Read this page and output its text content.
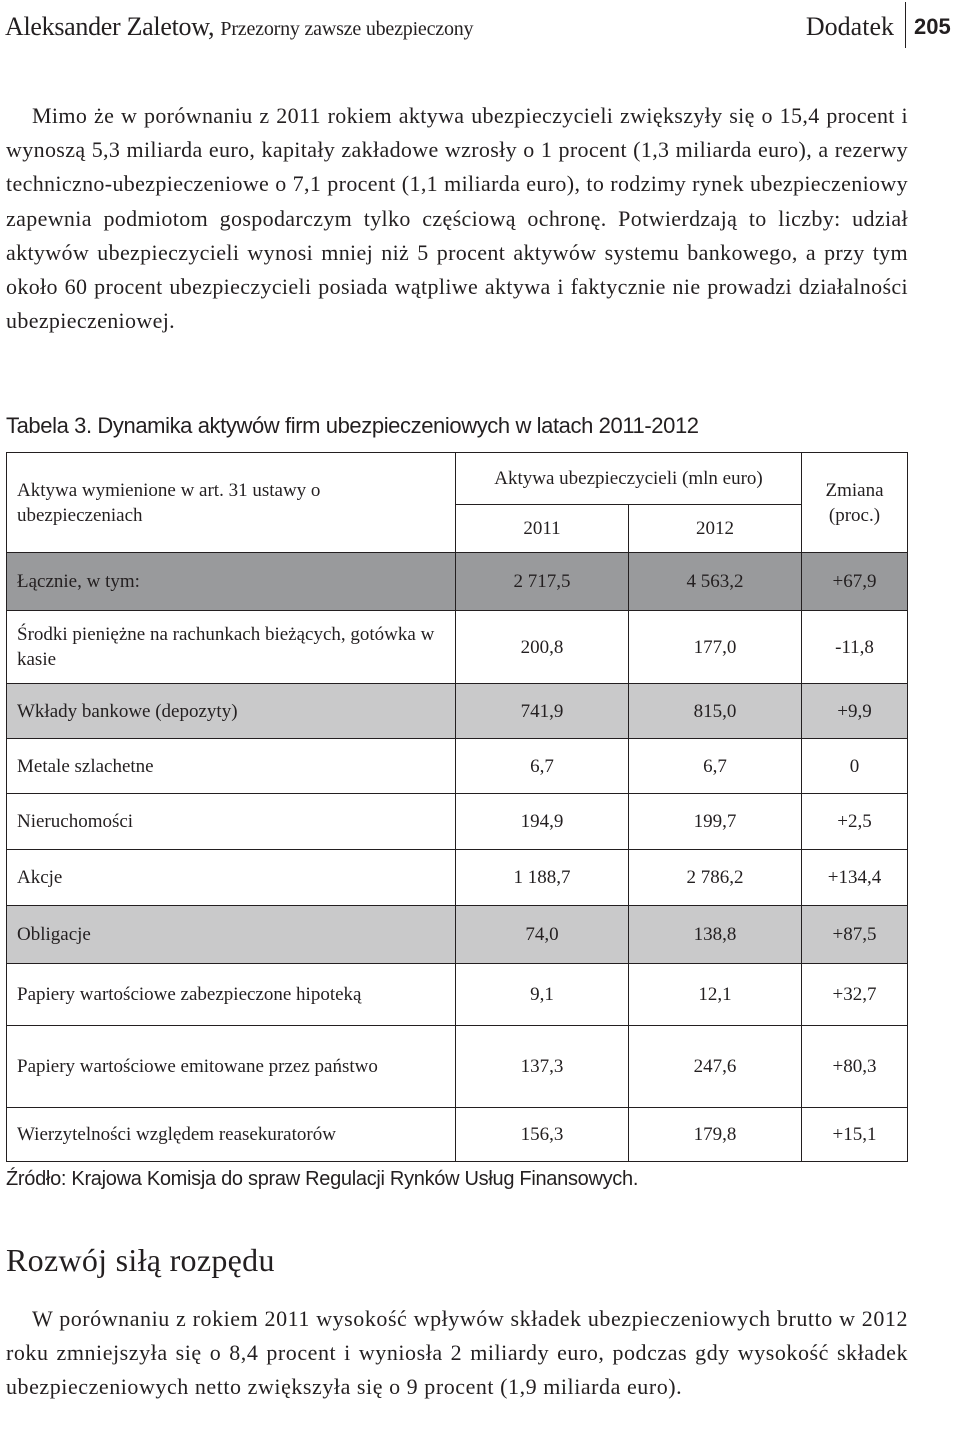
Aleksander Zaletow, Przezorny zawsze ubezpieczony	Dodatek 205

Mimo że w porównaniu z 2011 rokiem aktywa ubezpieczycieli zwiększyły się o 15,4 procent i wynoszą 5,3 miliarda euro, kapitały zakładowe wzrosły o 1 procent (1,3 miliarda euro), a rezerwy techniczno-ubezpieczeniowe o 7,1 procent (1,1 miliarda euro), to rodzimy rynek ubezpieczeniowy zapewnia podmiotom gospodarczym tylko częściową ochronę. Potwierdzają to liczby: udział aktywów ubezpieczycieli wynosi mniej niż 5 procent aktywów systemu bankowego, a przy tym około 60 procent ubezpieczycieli posiada wątpliwe aktywa i faktycznie nie prowadzi działalności ubezpieczeniowej.

Tabela 3. Dynamika aktywów firm ubezpieczeniowych w latach 2011-2012
Aktywa wymienione w art. 31 ustawy o ubezpieczeniach	Aktywa ubezpieczycieli (mln euro)		Zmiana (proc.)
	2011	2012	
Łącznie, w tym:	2 717,5	4 563,2	+67,9
Środki pieniężne na rachunkach bieżących, gotówka w kasie	200,8	177,0	-11,8
Wkłady bankowe (depozyty)	741,9	815,0	+9,9
Metale szlachetne	6,7	6,7	0
Nieruchomości	194,9	199,7	+2,5
Akcje	1 188,7	2 786,2	+134,4
Obligacje	74,0	138,8	+87,5
Papiery wartościowe zabezpieczone hipoteką	9,1	12,1	+32,7
Papiery wartościowe emitowane przez państwo	137,3	247,6	+80,3
Wierzytelności względem reasekuratorów	156,3	179,8	+15,1
Źródło: Krajowa Komisja do spraw Regulacji Rynków Usług Finansowych.
Rozwój siłą rozpędu

W porównaniu z rokiem 2011 wysokość wpływów składek ubezpieczeniowych brutto w 2012 roku zmniejszyła się o 8,4 procent i wyniosła 2 miliardy euro, podczas gdy wysokość składek ubezpieczeniowych netto zwiększyła się o 9 procent (1,9 miliarda euro).
